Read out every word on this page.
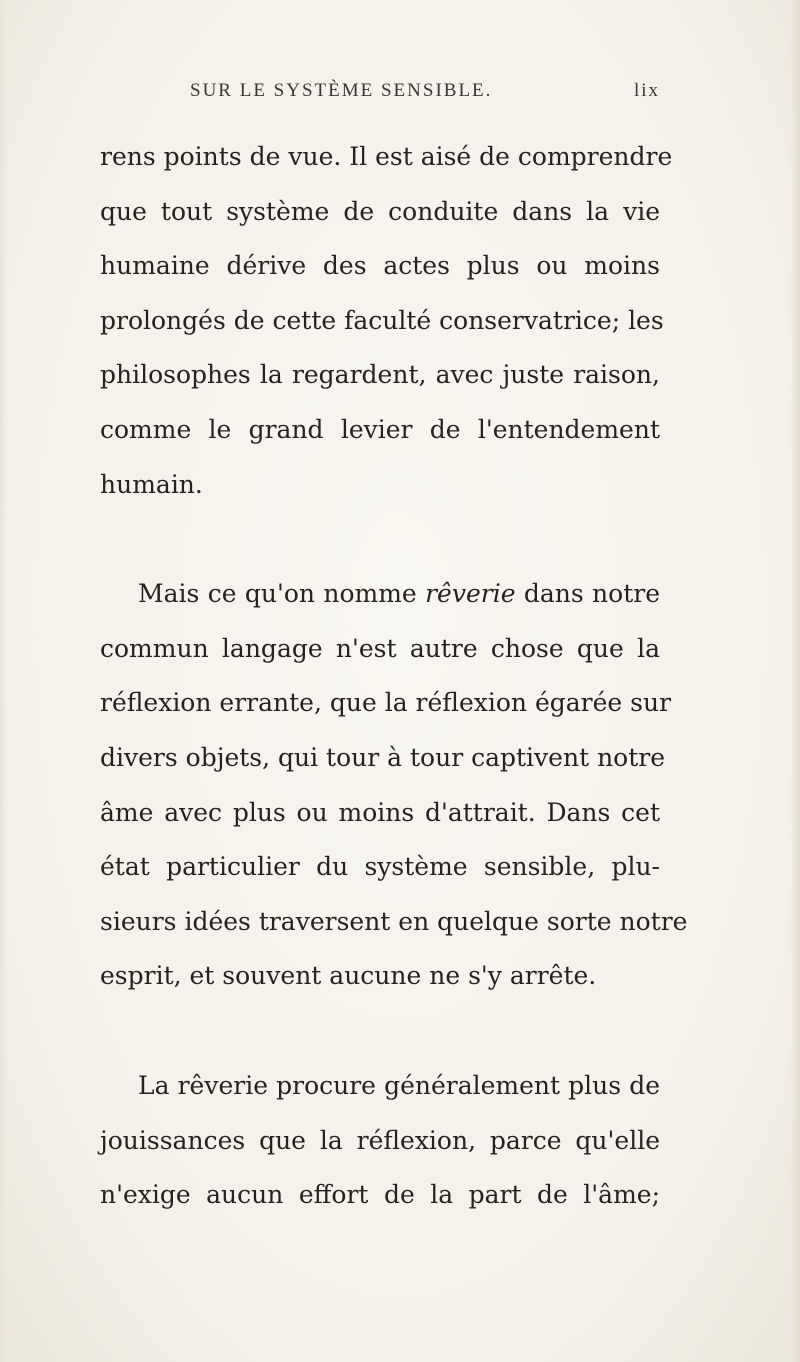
SUR LE SYSTÈME SENSIBLE.	lix
rens points de vue. Il est aisé de comprendre
que tout système de conduite dans la vie
humaine dérive des actes plus ou moins
prolongés de cette faculté conservatrice; les
philosophes la regardent, avec juste raison,
comme le grand levier de l'entendement
humain.
Mais ce qu'on nomme rêverie dans notre
commun langage n'est autre chose que la
réflexion errante, que la réflexion égarée sur
divers objets, qui tour à tour captivent notre
âme avec plus ou moins d'attrait. Dans cet
état particulier du système sensible, plu-
sieurs idées traversent en quelque sorte notre
esprit, et souvent aucune ne s'y arrête.
La rêverie procure généralement plus de
jouissances que la réflexion, parce qu'elle
n'exige aucun effort de la part de l'âme;
